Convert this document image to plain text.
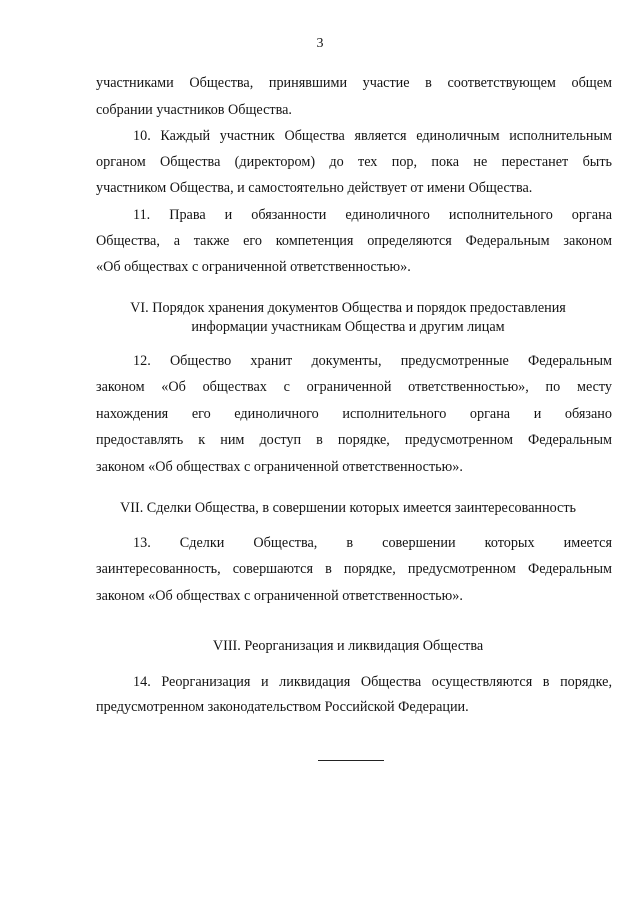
3
участниками Общества, принявшими участие в соответствующем общем
собрании участников Общества.
10. Каждый участник Общества является единоличным исполнительным
органом Общества (директором) до тех пор, пока не перестанет быть
участником Общества, и самостоятельно действует от имени Общества.
11. Права и обязанности единоличного исполнительного органа
Общества, а также его компетенция определяются Федеральным законом
«Об обществах с ограниченной ответственностью».
VI. Порядок хранения документов Общества и порядок предоставления
информации участникам Общества и другим лицам
12. Общество хранит документы, предусмотренные Федеральным
законом «Об обществах с ограниченной ответственностью», по месту
нахождения его единоличного исполнительного органа и обязано
предоставлять к ним доступ в порядке, предусмотренном Федеральным
законом «Об обществах с ограниченной ответственностью».
VII. Сделки Общества, в совершении которых имеется заинтересованность
13. Сделки Общества, в совершении которых имеется
заинтересованность, совершаются в порядке, предусмотренном Федеральным
законом «Об обществах с ограниченной ответственностью».
VIII. Реорганизация и ликвидация Общества
14. Реорганизация и ликвидация Общества осуществляются в порядке,
предусмотренном законодательством Российской Федерации.
